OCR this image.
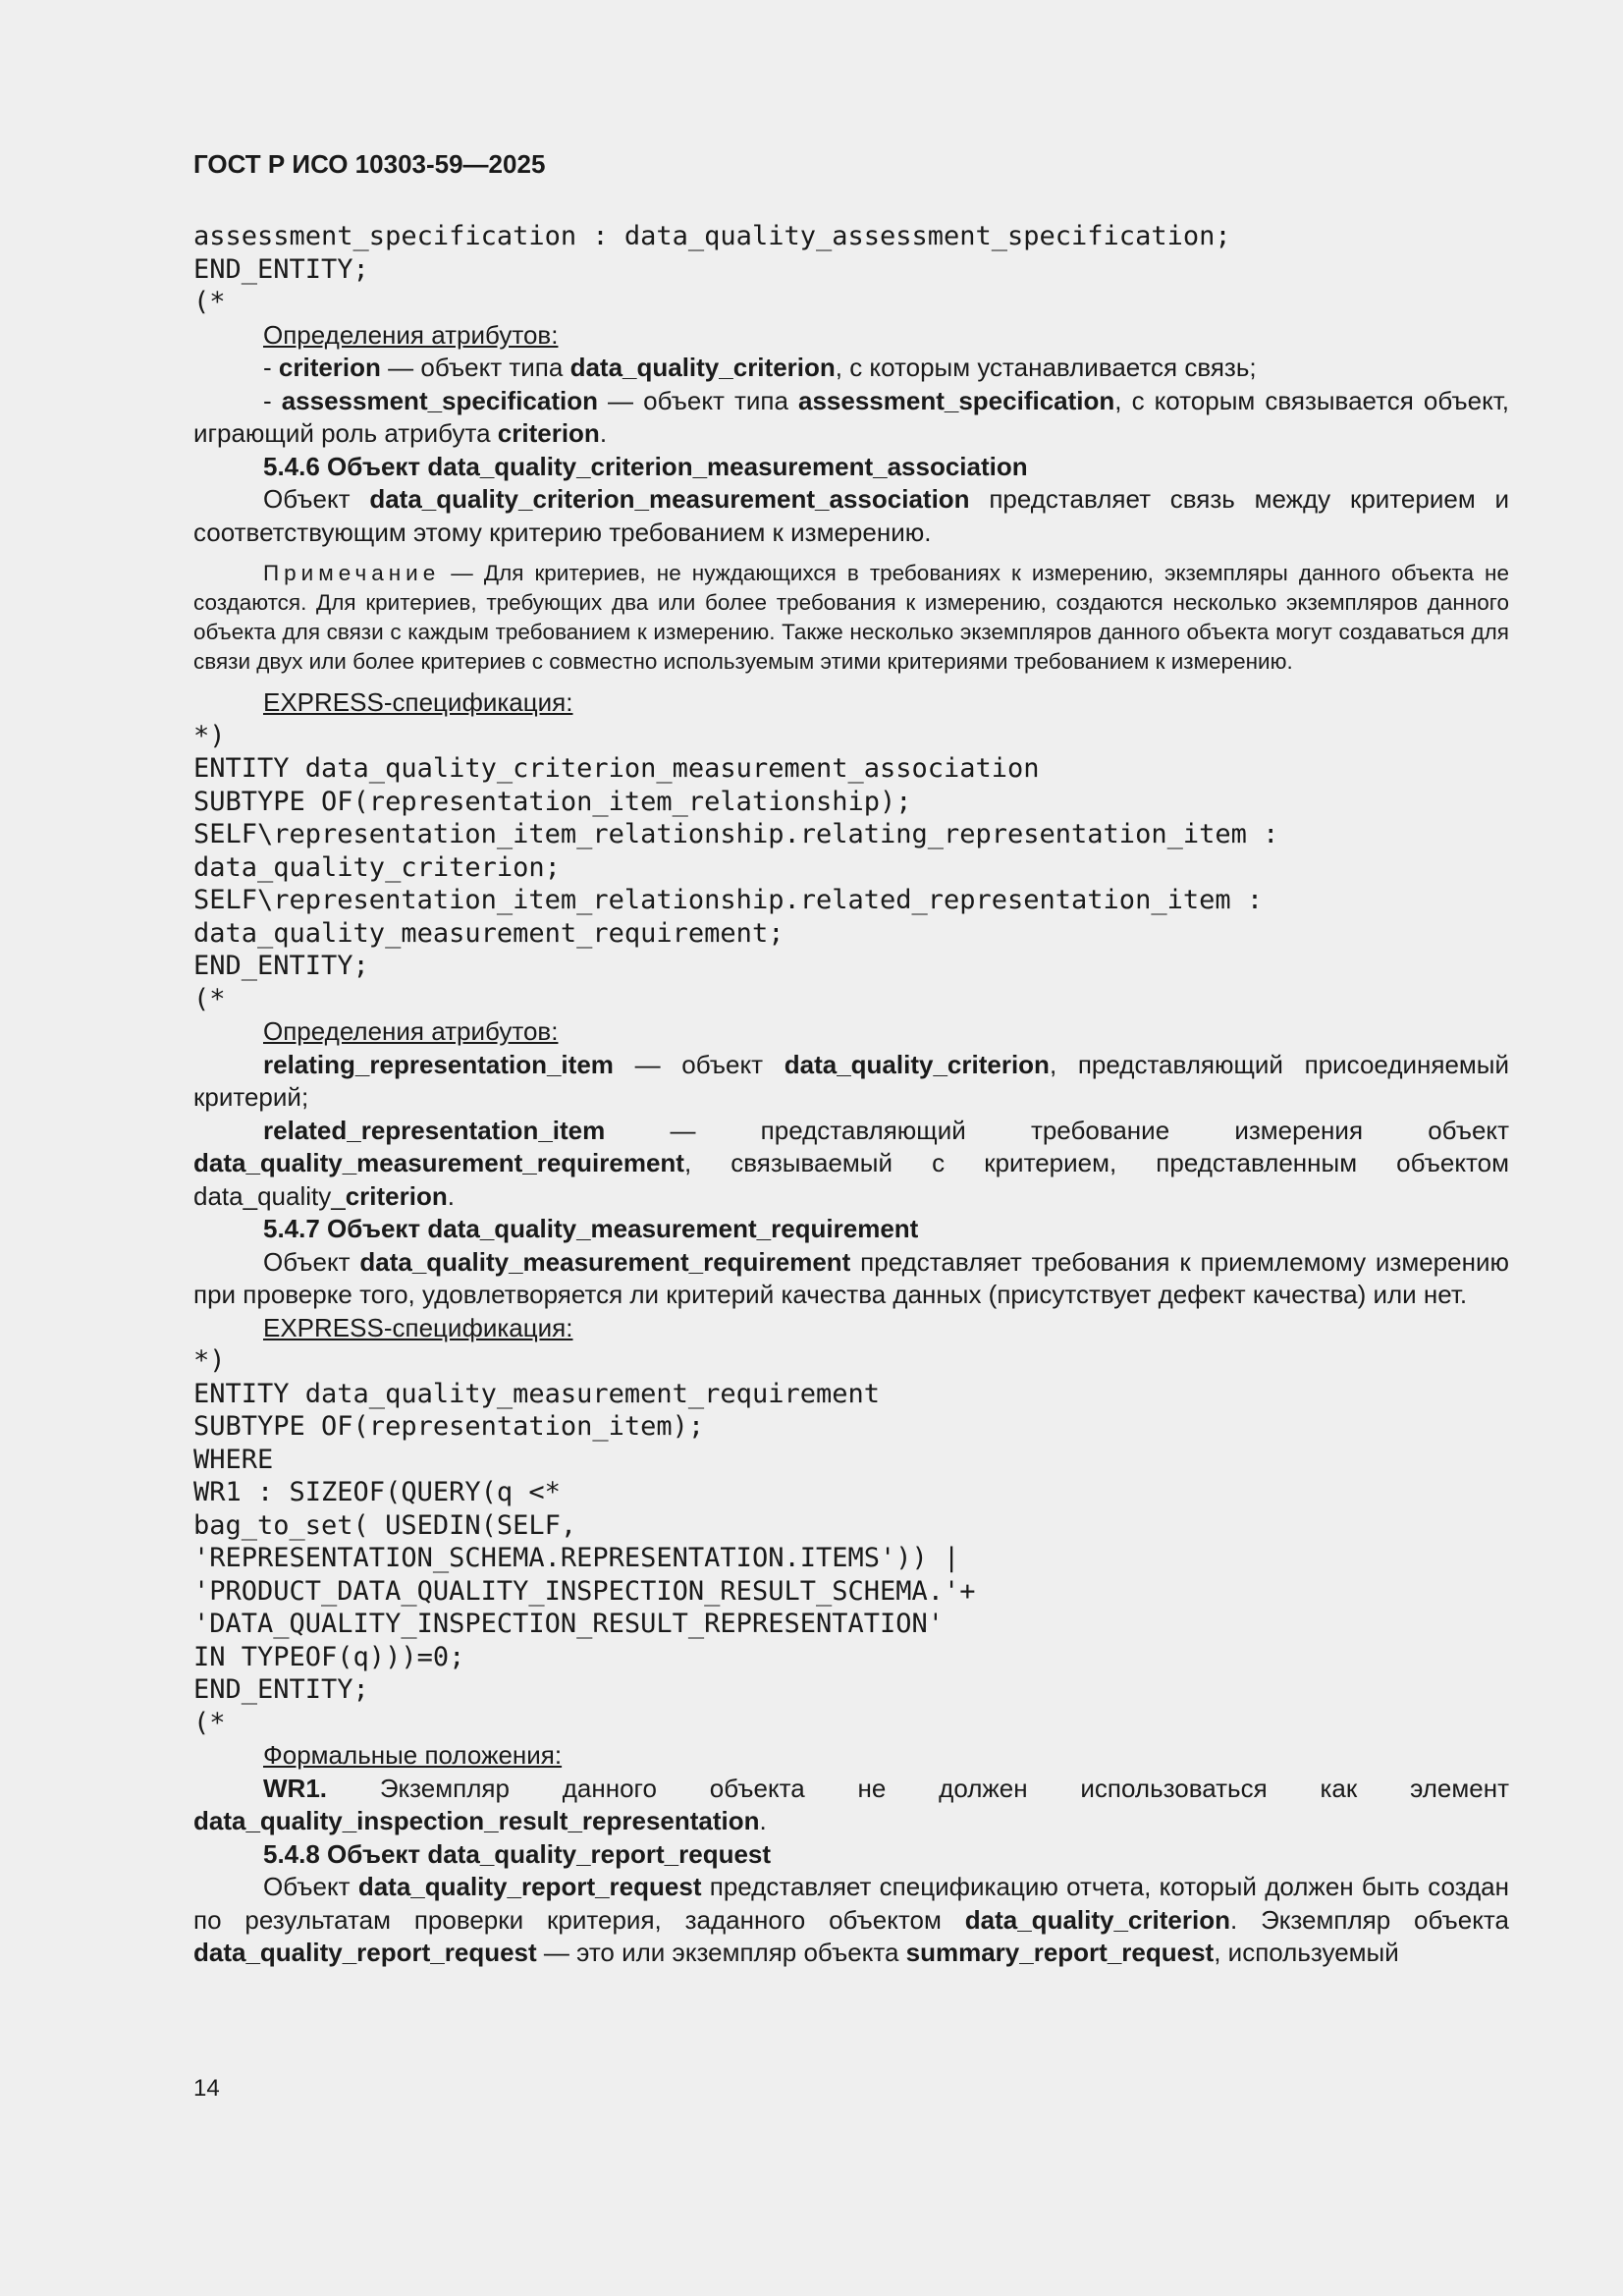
ГОСТ Р ИСО 10303-59—2025
assessment_specification : data_quality_assessment_specification;
END_ENTITY;
(*

Определения атрибутов:

- criterion — объект типа data_quality_criterion, с которым устанавливается связь;

- assessment_specification — объект типа assessment_specification, с которым связывается объект, играющий роль атрибута criterion.

5.4.6 Объект data_quality_criterion_measurement_association

Объект data_quality_criterion_measurement_association представляет связь между критерием и соответствующим этому критерию требованием к измерению.

Примечание — Для критериев, не нуждающихся в требованиях к измерению, экземпляры данного объекта не создаются. Для критериев, требующих два или более требования к измерению, создаются несколько экземпляров данного объекта для связи с каждым требованием к измерению. Также несколько экземпляров данного объекта могут создаваться для связи двух или более критериев с совместно используемым этими критериями требованием к измерению.

EXPRESS-спецификация:

*)
ENTITY data_quality_criterion_measurement_association
SUBTYPE OF(representation_item_relationship);
SELF\representation_item_relationship.relating_representation_item :
data_quality_criterion;
SELF\representation_item_relationship.related_representation_item :
data_quality_measurement_requirement;
END_ENTITY;
(*

Определения атрибутов:

relating_representation_item — объект data_quality_criterion, представляющий присоединяемый критерий;

related_representation_item — представляющий требование измерения объект data_quality_measurement_requirement, связываемый с критерием, представленным объектом data_quality_criterion.

5.4.7 Объект data_quality_measurement_requirement

Объект data_quality_measurement_requirement представляет требования к приемлемому измерению при проверке того, удовлетворяется ли критерий качества данных (присутствует дефект качества) или нет.

EXPRESS-спецификация:

*)
ENTITY data_quality_measurement_requirement
SUBTYPE OF(representation_item);
WHERE
WR1 : SIZEOF(QUERY(q <*
bag_to_set( USEDIN(SELF,
'REPRESENTATION_SCHEMA.REPRESENTATION.ITEMS')) |
'PRODUCT_DATA_QUALITY_INSPECTION_RESULT_SCHEMA.'+
'DATA_QUALITY_INSPECTION_RESULT_REPRESENTATION'
IN TYPEOF(q)))=0;
END_ENTITY;
(*

Формальные положения:

WR1. Экземпляр данного объекта не должен использоваться как элемент data_quality_inspection_result_representation.

5.4.8 Объект data_quality_report_request

Объект data_quality_report_request представляет спецификацию отчета, который должен быть создан по результатам проверки критерия, заданного объектом data_quality_criterion. Экземпляр объекта data_quality_report_request — это или экземпляр объекта summary_report_request, используемый

14
